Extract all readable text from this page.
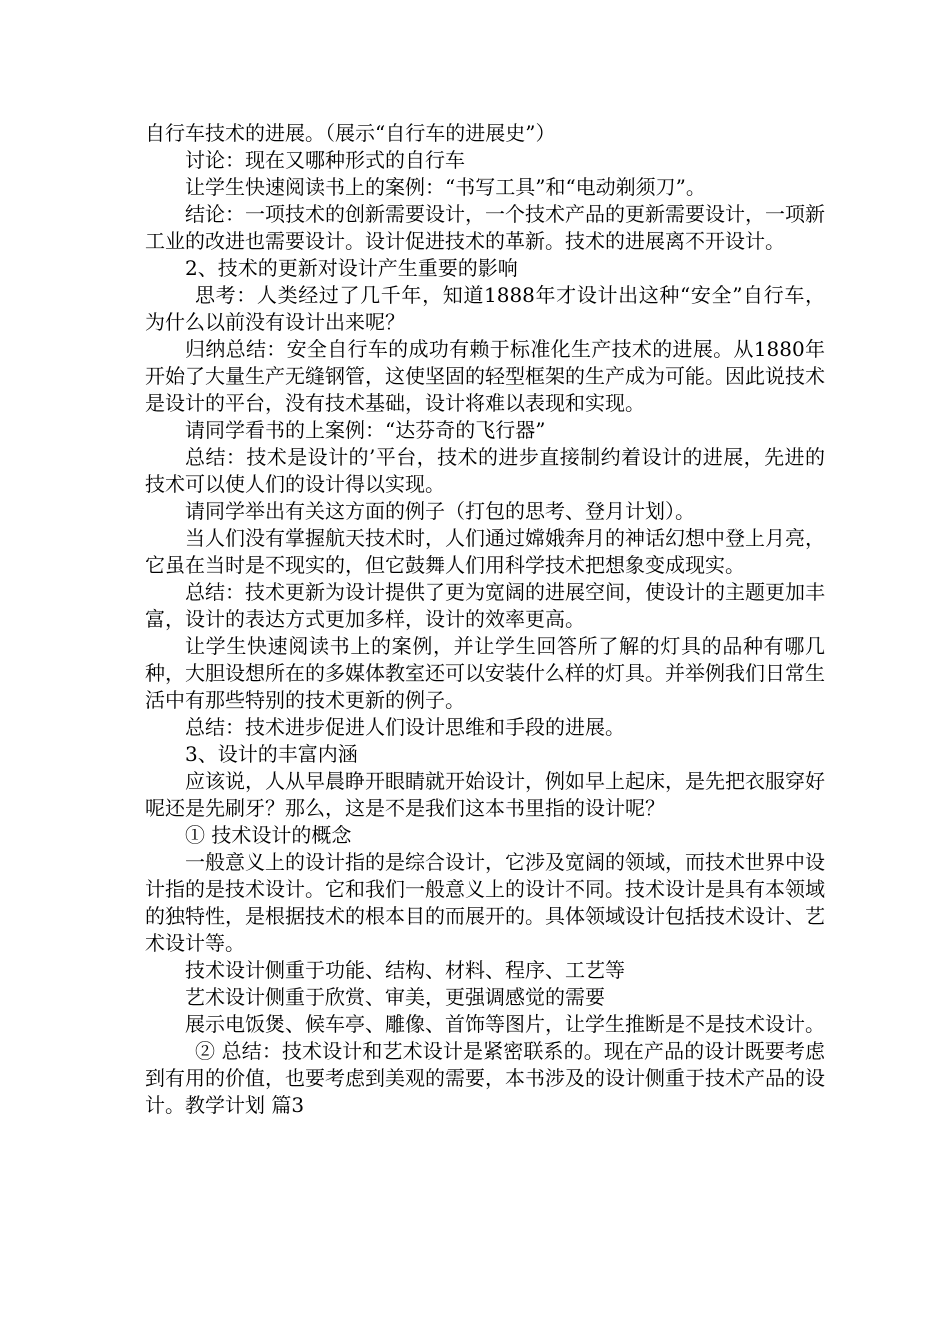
自行车技术的进展。（展示“自行车的进展史”）

讨论：现在又哪种形式的自行车

让学生快速阅读书上的案例：“书写工具”和“电动剃须刀”。

结论：一项技术的创新需要设计，一个技术产品的更新需要设计，一项新工业的改进也需要设计。设计促进技术的革新。技术的进展离不开设计。

2、技术的更新对设计产生重要的影响

思考：人类经过了几千年，知道1888年才设计出这种“安全”自行车，为什么以前没有设计出来呢？

归纳总结：安全自行车的成功有赖于标准化生产技术的进展。从1880年开始了大量生产无缝钢管，这使坚固的轻型框架的生产成为可能。因此说技术是设计的平台，没有技术基础，设计将难以表现和实现。

请同学看书的上案例：“达芬奇的飞行器”

总结：技术是设计的’平台，技术的进步直接制约着设计的进展，先进的技术可以使人们的设计得以实现。

请同学举出有关这方面的例子（打包的思考、登月计划）。

当人们没有掌握航天技术时，人们通过嫦娥奔月的神话幻想中登上月亮，它虽在当时是不现实的，但它鼓舞人们用科学技术把想象变成现实。

总结：技术更新为设计提供了更为宽阔的进展空间，使设计的主题更加丰富，设计的表达方式更加多样，设计的效率更高。

让学生快速阅读书上的案例，并让学生回答所了解的灯具的品种有哪几种，大胆设想所在的多媒体教室还可以安装什么样的灯具。并举例我们日常生活中有那些特别的技术更新的例子。

总结：技术进步促进人们设计思维和手段的进展。

3、设计的丰富内涵

应该说，人从早晨睁开眼睛就开始设计，例如早上起床，是先把衣服穿好呢还是先刷牙？那么，这是不是我们这本书里指的设计呢？

① 技术设计的概念

一般意义上的设计指的是综合设计，它涉及宽阔的领域，而技术世界中设计指的是技术设计。它和我们一般意义上的设计不同。技术设计是具有本领域的独特性，是根据技术的根本目的而展开的。具体领域设计包括技术设计、艺术设计等。

技术设计侧重于功能、结构、材料、程序、工艺等

艺术设计侧重于欣赏、审美，更强调感觉的需要

展示电饭煲、候车亭、雕像、首饰等图片，让学生推断是不是技术设计。

② 总结：技术设计和艺术设计是紧密联系的。现在产品的设计既要考虑到有用的价值，也要考虑到美观的需要，本书涉及的设计侧重于技术产品的设计。教学计划 篇3
